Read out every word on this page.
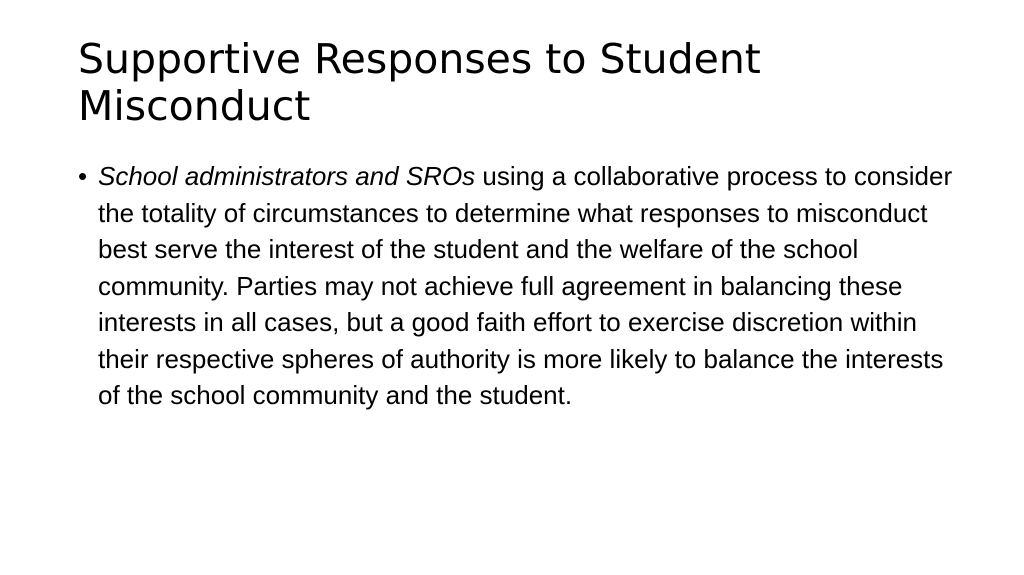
Supportive Responses to Student Misconduct
• School administrators and SROs using a collaborative process to consider the totality of circumstances to determine what responses to misconduct best serve the interest of the student and the welfare of the school community. Parties may not achieve full agreement in balancing these interests in all cases, but a good faith effort to exercise discretion within their respective spheres of authority is more likely to balance the interests of the school community and the student.
